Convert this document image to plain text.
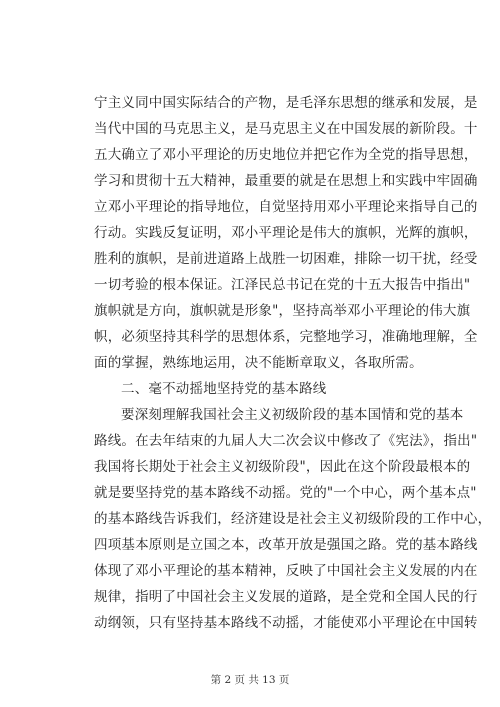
宁主义同中国实际结合的产物，是毛泽东思想的继承和发展，是
当代中国的马克思主义，是马克思主义在中国发展的新阶段。十
五大确立了邓小平理论的历史地位并把它作为全党的指导思想，
学习和贯彻十五大精神，最重要的就是在思想上和实践中牢固确
立邓小平理论的指导地位，自觉坚持用邓小平理论来指导自己的
行动。实践反复证明，邓小平理论是伟大的旗帜，光辉的旗帜，
胜利的旗帜，是前进道路上战胜一切困难，排除一切干扰，经受
一切考验的根本保证。江泽民总书记在党的十五大报告中指出"
旗帜就是方向，旗帜就是形象"，坚持高举邓小平理论的伟大旗
帜，必须坚持其科学的思想体系，完整地学习，准确地理解，全
面的掌握，熟练地运用，决不能断章取义，各取所需。
二、毫不动摇地坚持党的基本路线
要深刻理解我国社会主义初级阶段的基本国情和党的基本
路线。在去年结束的九届人大二次会议中修改了《宪法》，指出"
我国将长期处于社会主义初级阶段"，因此在这个阶段最根本的
就是要坚持党的基本路线不动摇。党的"一个中心，两个基本点"
的基本路线告诉我们，经济建设是社会主义初级阶段的工作中心，
四项基本原则是立国之本，改革开放是强国之路。党的基本路线
体现了邓小平理论的基本精神，反映了中国社会主义发展的内在
规律，指明了中国社会主义发展的道路，是全党和全国人民的行
动纲领，只有坚持基本路线不动摇，才能使邓小平理论在中国转
第 2 页 共 13 页
